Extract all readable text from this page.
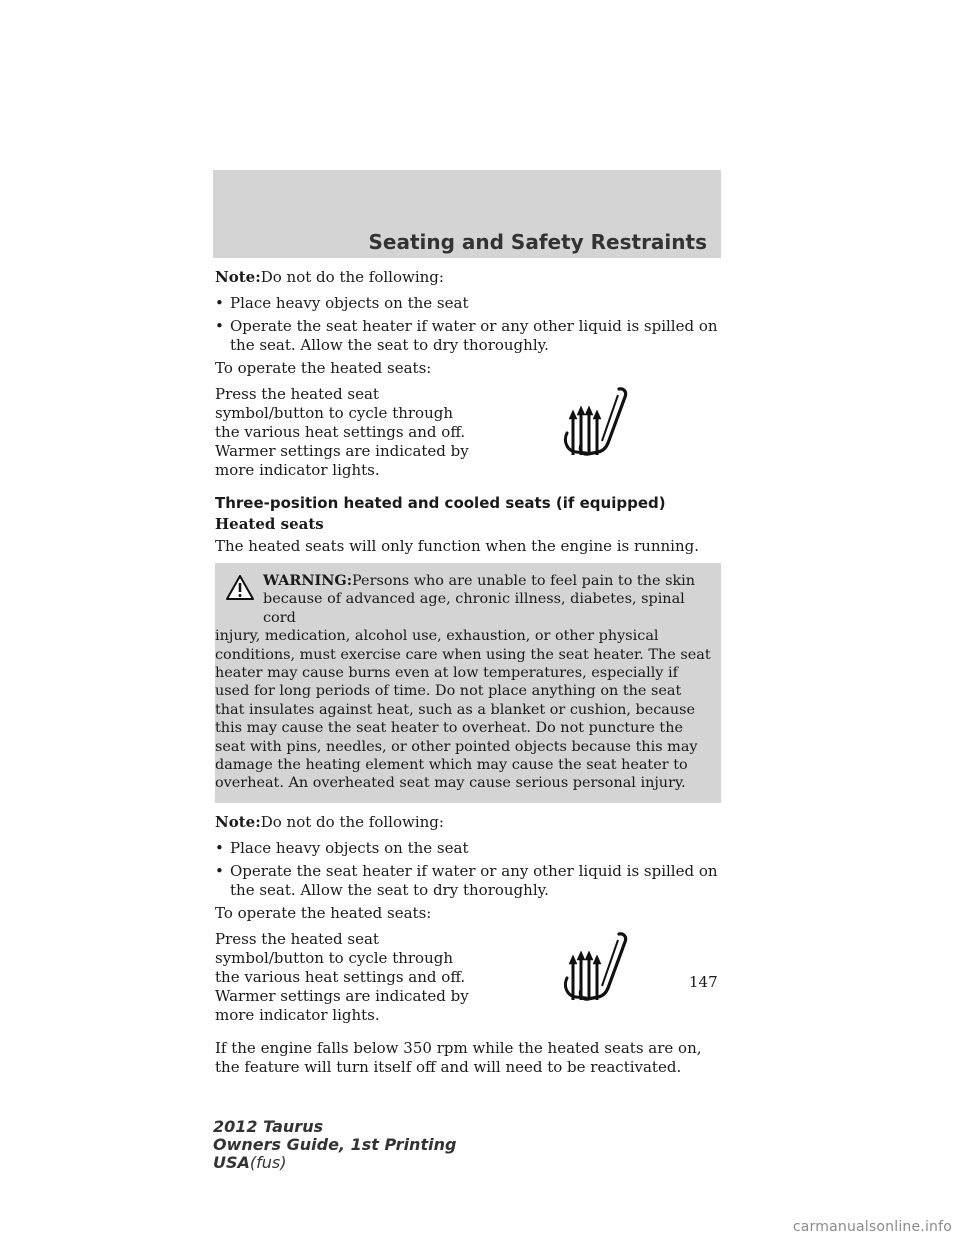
Seating and Safety Restraints

Note:Do not do the following:

• Place heavy objects on the seat
• Operate the seat heater if water or any other liquid is spilled on the seat. Allow the seat to dry thoroughly.

To operate the heated seats:

Press the heated seat symbol/button to cycle through the various heat settings and off. Warmer settings are indicated by more indicator lights.

Three-position heated and cooled seats (if equipped)
Heated seats

The heated seats will only function when the engine is running.

WARNING:Persons who are unable to feel pain to the skin
because of advanced age, chronic illness, diabetes, spinal cord
injury, medication, alcohol use, exhaustion, or other physical conditions, must exercise care when using the seat heater. The seat heater may cause burns even at low temperatures, especially if used for long periods of time. Do not place anything on the seat that insulates against heat, such as a blanket or cushion, because this may cause the seat heater to overheat. Do not puncture the seat with pins, needles, or other pointed objects because this may damage the heating element which may cause the seat heater to overheat. An overheated seat may cause serious personal injury.

Note:Do not do the following:

• Place heavy objects on the seat
• Operate the seat heater if water or any other liquid is spilled on the seat. Allow the seat to dry thoroughly.

To operate the heated seats:

Press the heated seat symbol/button to cycle through the various heat settings and off. Warmer settings are indicated by more indicator lights.

If the engine falls below 350 rpm while the heated seats are on, the feature will turn itself off and will need to be reactivated.

147
2012 Taurus
Owners Guide, 1st Printing
USA(fus)
carmanualsonline.info
